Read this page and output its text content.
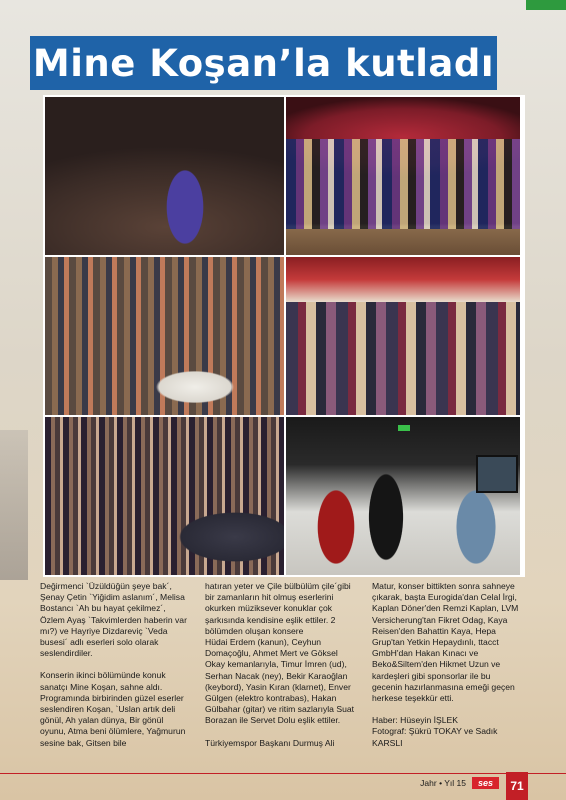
Mine Koşan’la kutladı

Değirmenci `Üzüldüğün şeye bak´, Şenay Çetin `Yiğidim aslanım´, Melisa Bostancı `Ah bu hayat çekilmez´, Özlem Ayaş `Takvimlerden haberin var mı?) ve Hayriye Dizdareviç `Veda busesi´ adlı eserleri solo olarak seslendirdiler.

Konserin ikinci bölümünde konuk sanatçı Mine Koşan, sahne aldı. Programında birbirinden güzel eserler seslendiren Koşan, `Uslan artık deli gönül, Ah yalan dünya, Bir gönül oyunu, Atma beni ölümlere, Yağmurun sesine bak, Gitsen bile

hatıran yeter ve Çile bülbülüm çile´gibi bir zamanların hit olmuş eserlerini okurken müziksever konuklar çok şarkısında kendisine eşlik ettiler. 2 bölümden oluşan konsere

Hüdai Erdem (kanun), Ceyhun Domaçoğlu, Ahmet Mert ve Göksel Okay kemanlarıyla, Timur İmren (ud), Serhan Nacak (ney), Bekir Karaoğlan (keybord), Yasin Kıran (klarnet), Enver Gülgen (elektro kontrabas), Hakan Gülbahar (gitar) ve ritim sazlarıyla Suat Borazan ile Servet Dolu eşlik ettiler.

Türkiyemspor Başkanı Durmuş Ali

Matur, konser bittikten sonra sahneye çıkarak, başta Eurogida'dan Celal İrgi, Kaplan Döner'den Remzi Kaplan, LVM Versicherung'tan Fikret Odag, Kaya Reisen'den Bahattin Kaya, Hepa Grup'tan Yetkin Hepaydınlı, ttacct GmbH'dan Hakan Kınacı ve Beko&Siltem'den Hikmet Uzun ve kardeşleri gibi sponsorlar ile bu gecenin hazırlanmasına emeği geçen herkese teşekkür etti.

Haber: Hüseyin İŞLEK

Fotograf: Şükrü TOKAY ve Sadık KARSLI

Jahr • Yıl 15	ses	71
